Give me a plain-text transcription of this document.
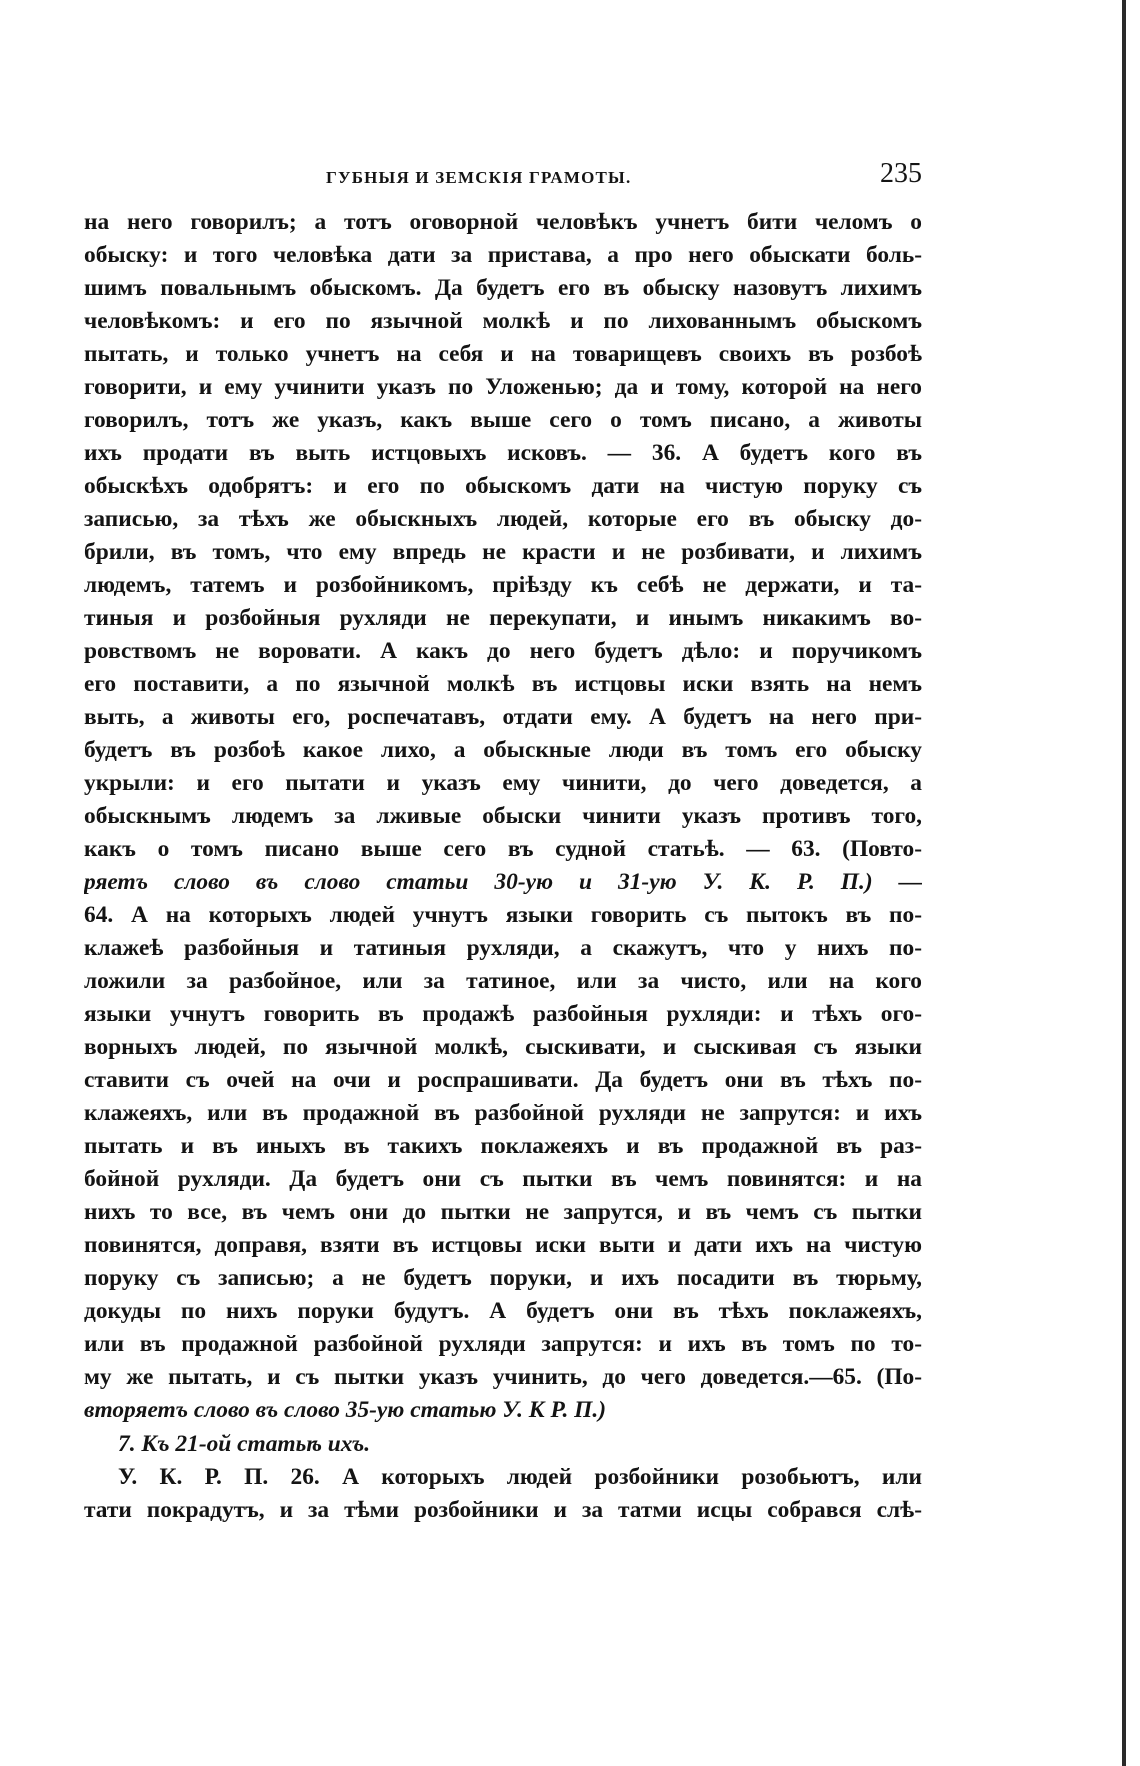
ГУБНЫЯ И ЗЕМСКІЯ ГРАМОТЫ.	235
на него говорилъ; а тотъ оговорной человѣкъ учнетъ бити челомъ о
обыску: и того человѣка дати за пристава, а про него обыскати боль-
шимъ повальнымъ обыскомъ. Да будетъ его въ обыску назовутъ лихимъ
человѣкомъ: и его по язычной молкѣ и по лихованнымъ обыскомъ
пытать, и только учнетъ на себя и на товарищевъ своихъ въ розбоѣ
говорити, и ему учинити указъ по Уложенью; да и тому, которой на него
говорилъ, тотъ же указъ, какъ выше сего о томъ писано, а животы
ихъ продати въ выть истцовыхъ исковъ. — 36. А будетъ кого въ
обыскѣхъ одобрятъ: и его по обыскомъ дати на чистую поруку съ
записью, за тѣхъ же обыскныхъ людей, которые его въ обыску до-
брили, въ томъ, что ему впредь не красти и не розбивати, и лихимъ
людемъ, татемъ и розбойникомъ, пріѣзду къ себѣ не держати, и та-
тиныя и розбойныя рухляди не перекупати, и инымъ никакимъ во-
ровствомъ не воровати. А какъ до него будетъ дѣло: и поручикомъ
его поставити, а по язычной молкѣ въ истцовы иски взять на немъ
выть, а животы его, роспечатавъ, отдати ему. А будетъ на него при-
будетъ въ розбоѣ какое лихо, а обыскные люди въ томъ его обыску
укрыли: и его пытати и указъ ему чинити, до чего доведется, а
обыскнымъ людемъ за лживые обыски чинити указъ противъ того,
какъ о томъ писано выше сего въ судной статьѣ. — 63. (Повто-
ряетъ слово въ слово статьи 30-ую и 31-ую У. К. Р. П.) —
64. А на которыхъ людей учнутъ языки говорить съ пытокъ въ по-
клажеѣ разбойныя и татиныя рухляди, а скажутъ, что у нихъ по-
ложили за разбойное, или за татиное, или за чисто, или на кого
языки учнутъ говорить въ продажѣ разбойныя рухляди: и тѣхъ ого-
ворныхъ людей, по язычной молкѣ, сыскивати, и сыскивая съ языки
ставити съ очей на очи и роспрашивати. Да будетъ они въ тѣхъ по-
клажеяхъ, или въ продажной въ разбойной рухляди не запрутся: и ихъ
пытать и въ иныхъ въ такихъ поклажеяхъ и въ продажной въ раз-
бойной рухляди. Да будетъ они съ пытки въ чемъ повинятся: и на
нихъ то все, въ чемъ они до пытки не запрутся, и въ чемъ съ пытки
повинятся, доправя, взяти въ истцовы иски выти и дати ихъ на чистую
поруку съ записью; а не будетъ поруки, и ихъ посадити въ тюрьму,
докуды по нихъ поруки будутъ. А будетъ они въ тѣхъ поклажеяхъ,
или въ продажной разбойной рухляди запрутся: и ихъ въ томъ по то-
му же пытать, и съ пытки указъ учинить, до чего доведется.—65. (По-
вторяетъ слово въ слово 35-ую статью У. К Р. П.)
7. Къ 21-ой статьѣ ихъ.
У. К. Р. П. 26. А которыхъ людей розбойники розобьютъ, или
тати покрадутъ, и за тѣми розбойники и за татми исцы собрався слѣ-
